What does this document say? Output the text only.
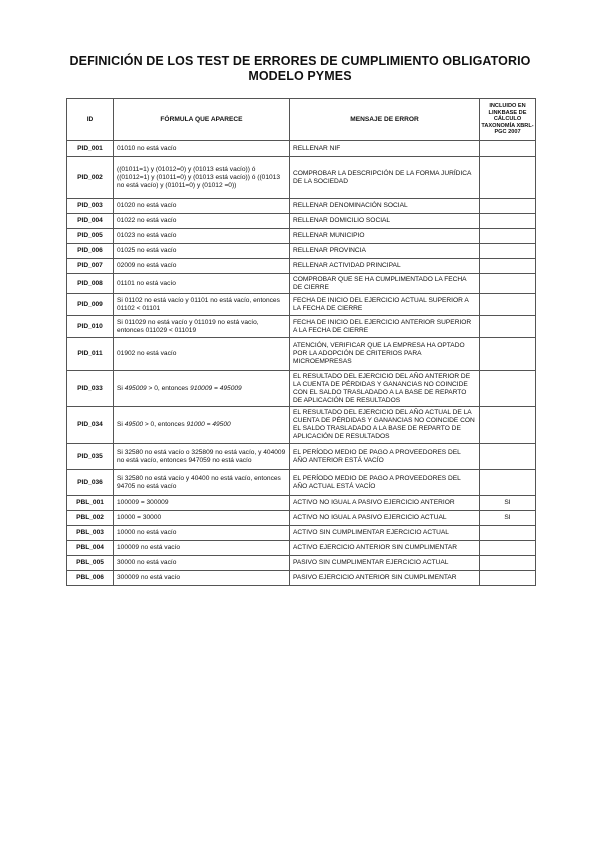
DEFINICIÓN DE LOS TEST DE ERRORES DE CUMPLIMIENTO OBLIGATORIO
MODELO PYMES
ID	FÓRMULA QUE APARECE	MENSAJE DE ERROR	INCLUIDO EN LINKBASE DE CÁLCULO TAXONOMÍA XBRL-PGC 2007
PID_001	01010 no está vacío	RELLENAR NIF	
PID_002	((01011=1) y (01012=0) y (01013 está vacío)) ó ((01012=1) y (01011=0) y (01013 está vacío)) ó ((01013 no está vacío) y (01011=0) y (01012 =0))	COMPROBAR LA DESCRIPCIÓN DE LA FORMA JURÍDICA DE LA SOCIEDAD	
PID_003	01020 no está vacío	RELLENAR DENOMINACIÓN SOCIAL	
PID_004	01022 no está vacío	RELLENAR DOMICILIO SOCIAL	
PID_005	01023 no está vacío	RELLENAR MUNICIPIO	
PID_006	01025 no está vacío	RELLENAR PROVINCIA	
PID_007	02009 no está vacío	RELLENAR ACTIVIDAD PRINCIPAL	
PID_008	01101 no está vacío	COMPROBAR QUE SE HA CUMPLIMENTADO LA FECHA DE CIERRE	
PID_009	Si 01102 no está vacío y 01101 no está vacío, entonces 01102 < 01101	FECHA DE INICIO DEL EJERCICIO ACTUAL SUPERIOR A LA FECHA DE CIERRE	
PID_010	Si 011029 no está vacío y 011019 no está vacío, entonces 011029 < 011019	FECHA DE INICIO DEL EJERCICIO ANTERIOR SUPERIOR A LA FECHA DE CIERRE	
PID_011	01902 no está vacío	ATENCIÓN, VERIFICAR QUE LA EMPRESA HA OPTADO POR LA ADOPCIÓN DE CRITERIOS PARA MICROEMPRESAS	
PID_033	Si 495009 > 0, entonces 910009 = 495009	EL RESULTADO DEL EJERCICIO DEL AÑO ANTERIOR DE LA CUENTA DE PÉRDIDAS Y GANANCIAS NO COINCIDE CON EL SALDO TRASLADADO A LA BASE DE REPARTO DE APLICACIÓN DE RESULTADOS	
PID_034	Si 49500 > 0, entonces 91000 = 49500	EL RESULTADO DEL EJERCICIO DEL AÑO ACTUAL DE LA CUENTA DE PÉRDIDAS Y GANANCIAS NO COINCIDE CON EL SALDO TRASLADADO A LA BASE DE REPARTO DE APLICACIÓN DE RESULTADOS	
PID_035	Si 32580 no está vacío o 325809 no está vacío, y 404009 no está vacío, entonces 947059 no está vacío	EL PERÍODO MEDIO DE PAGO A PROVEEDORES DEL AÑO ANTERIOR ESTÁ VACÍO	
PID_036	Si 32580 no está vacío y 40400 no está vacío, entonces 94705 no está vacío	EL PERÍODO MEDIO DE PAGO A PROVEEDORES DEL AÑO ACTUAL ESTÁ VACÍO	
PBL_001	100009 = 300009	ACTIVO NO IGUAL A PASIVO EJERCICIO ANTERIOR	SI
PBL_002	10000 = 30000	ACTIVO NO IGUAL A PASIVO EJERCICIO ACTUAL	SI
PBL_003	10000 no está vacío	ACTIVO SIN CUMPLIMENTAR EJERCICIO ACTUAL	
PBL_004	100009 no está vacío	ACTIVO EJERCICIO ANTERIOR SIN CUMPLIMENTAR	
PBL_005	30000 no está vacío	PASIVO SIN CUMPLIMENTAR EJERCICIO ACTUAL	
PBL_006	300009 no está vacío	PASIVO EJERCICIO ANTERIOR SIN CUMPLIMENTAR	
